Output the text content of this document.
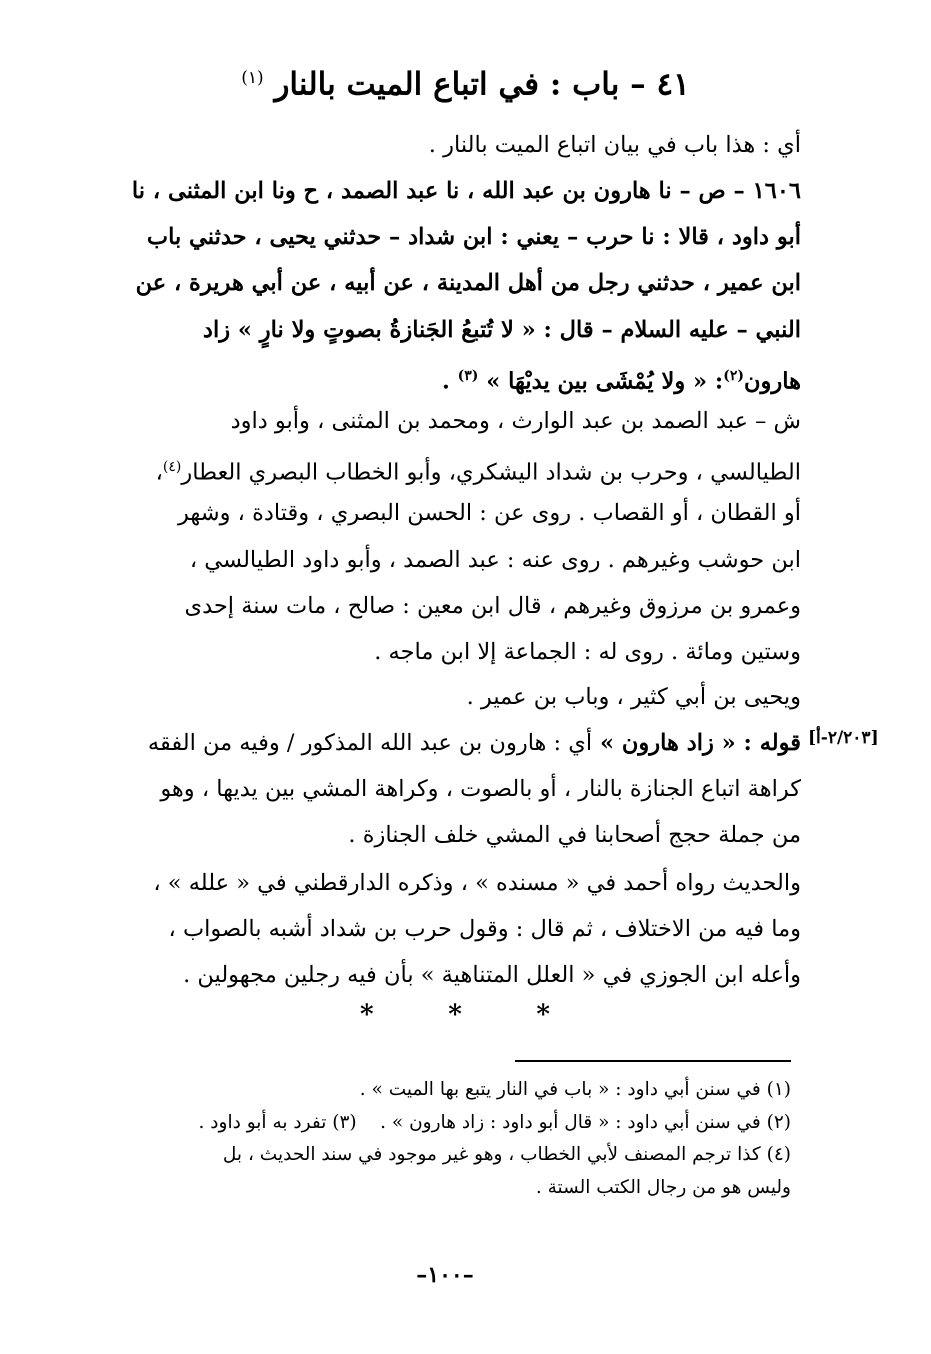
٤١ – باب : في اتباع الميت بالنار $^{(١)}$
أي : هذا باب في بيان اتباع الميت بالنار .
١٦٠٦ – ص – نا هارون بن عبد الله ، نا عبد الصمد ، ح ونا ابن المثنى ، نا
أبو داود ، قالا : نا حرب – يعني : ابن شداد – حدثني يحيى ، حدثني باب
ابن عمير ، حدثني رجل من أهل المدينة ، عن أبيه ، عن أبي هريرة ، عن
النبي – عليه السلام – قال : « لا تُتبعُ الجَنازةُ بصوتٍ ولا نارٍ » زاد
هارون$^{(٢)}$: « ولا يُمْشَى بين يديْهَا » $^{(٣)}$ .
ش – عبد الصمد بن عبد الوارث ، ومحمد بن المثنى ، وأبو داود
الطيالسي ، وحرب بن شداد اليشكري، وأبو الخطاب البصري العطار$^{(٤)}$،
أو القطان ، أو القصاب . روى عن : الحسن البصري ، وقتادة ، وشهر
ابن حوشب وغيرهم . روى عنه : عبد الصمد ، وأبو داود الطيالسي ،
وعمرو بن مرزوق وغيرهم ، قال ابن معين : صالح ، مات سنة إحدى
وستين ومائة . روى له : الجماعة إلا ابن ماجه .
ويحيى بن أبي كثير ، وباب بن عمير .
[٢/٢٠٣-أ]
قوله : « زاد هارون » أي : هارون بن عبد الله المذكور / وفيه من الفقه
كراهة اتباع الجنازة بالنار ، أو بالصوت ، وكراهة المشي بين يديها ، وهو
من جملة حجج أصحابنا في المشي خلف الجنازة .
والحديث رواه أحمد في « مسنده » ، وذكره الدارقطني في « علله » ،
وما فيه من الاختلاف ، ثم قال : وقول حرب بن شداد أشبه بالصواب ،
وأعله ابن الجوزي في « العلل المتناهية » بأن فيه رجلين مجهولين .
*	*	*
(١) في سنن أبي داود : « باب في النار يتبع بها الميت » .
(٢) في سنن أبي داود : « قال أبو داود : زاد هارون » .    (٣) تفرد به أبو داود .
(٤) كذا ترجم المصنف لأبي الخطاب ، وهو غير موجود في سند الحديث ، بل
وليس هو من رجال الكتب الستة .
–١٠٠–
